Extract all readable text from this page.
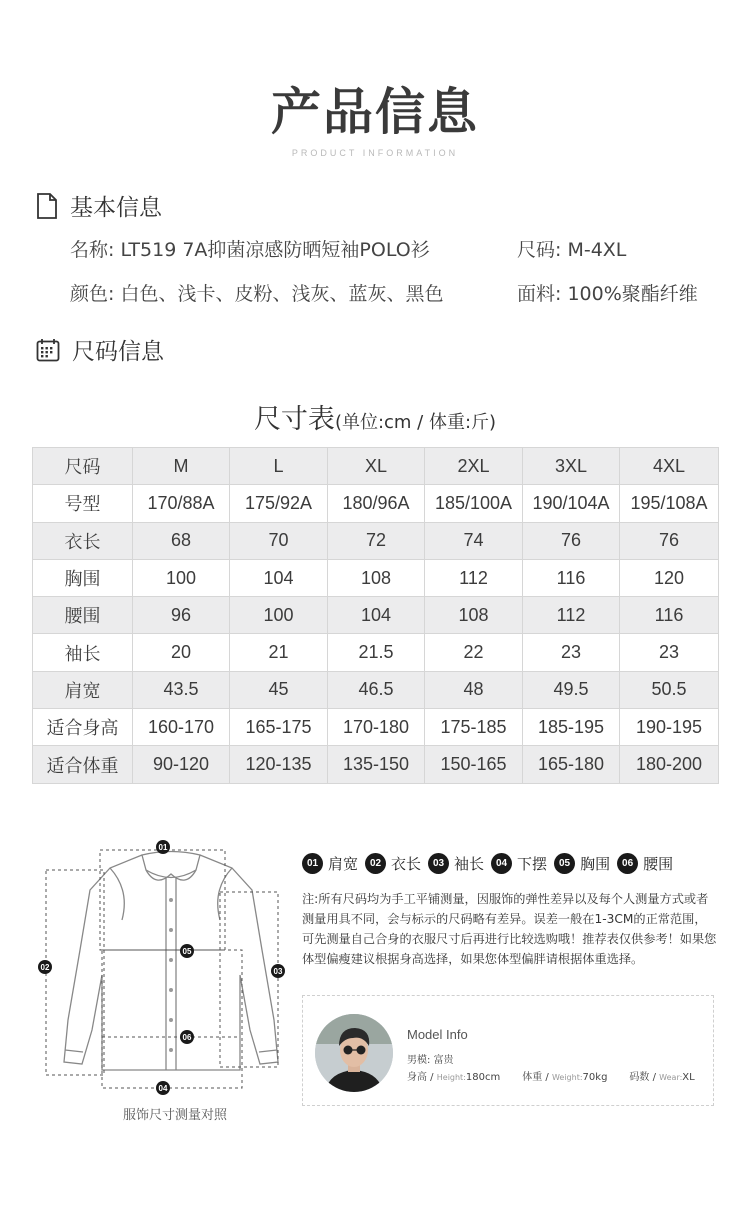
产品信息
PRODUCT INFORMATION
基本信息
名称: LT519 7A抑菌凉感防晒短袖POLO衫	尺码: M-4XL
颜色: 白色、浅卡、皮粉、浅灰、蓝灰、黑色	面料: 100%聚酯纤维
尺码信息
尺寸表(单位:cm / 体重:斤)
尺码	M	L	XL	2XL	3XL	4XL
号型	170/88A	175/92A	180/96A	185/100A	190/104A	195/108A
衣长	68	70	72	74	76	76
胸围	100	104	108	112	116	120
腰围	96	100	104	108	112	116
袖长	20	21	21.5	22	23	23
肩宽	43.5	45	46.5	48	49.5	50.5
适合身高	160-170	165-175	170-180	175-185	185-195	190-195
适合体重	90-120	120-135	135-150	150-165	165-180	180-200
01
02	03
04
05
06
服饰尺寸测量对照
01 肩宽	02 衣长	03 袖长	04 下摆	05 胸围	06 腰围
注:所有尺码均为手工平铺测量，因服饰的弹性差异以及每个人测量方式或者测量用具不同，会与标示的尺码略有差异。误差一般在1-3CM的正常范围，可先测量自己合身的衣服尺寸后再进行比较选购哦！推荐表仅供参考！如果您体型偏瘦建议根据身高选择，如果您体型偏胖请根据体重选择。
Model Info
男模: 富贵
身高 / Height:180cm 体重 / Weight:70kg 码数 / Wear:XL
